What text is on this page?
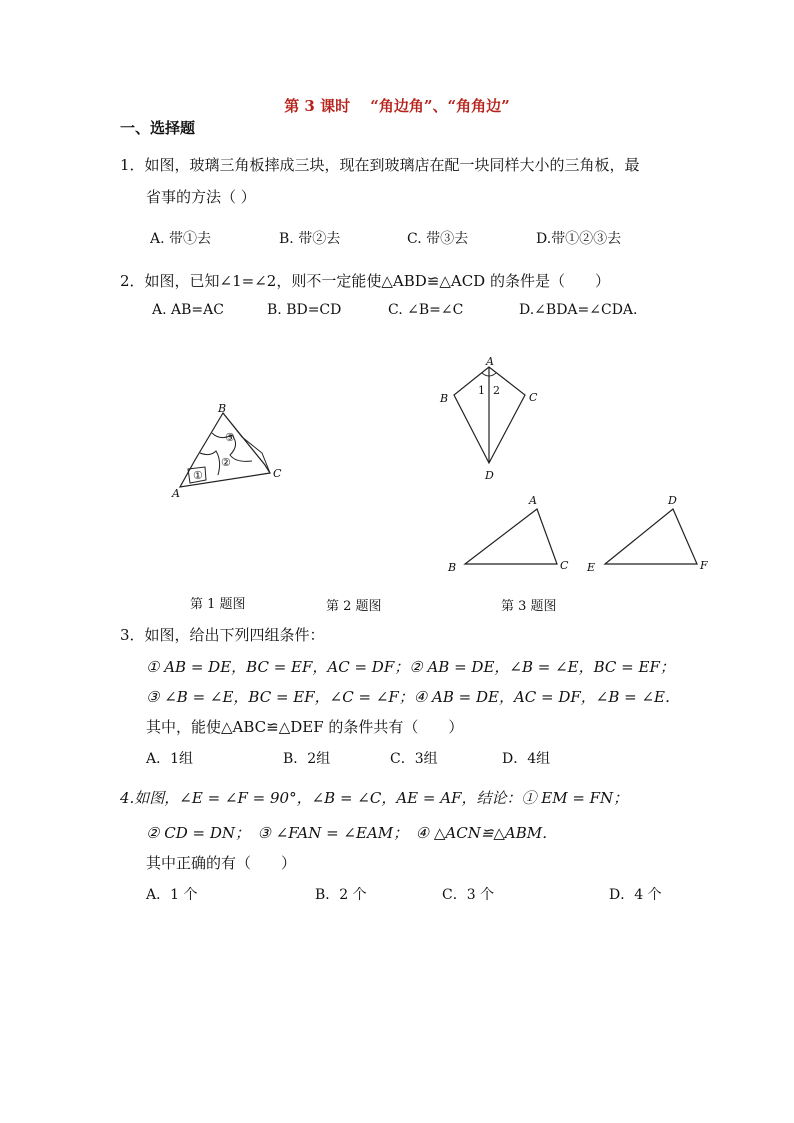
第 3 课时　 “角边角”、“角角边”
一、选择题
1．如图，玻璃三角板摔成三块，现在到玻璃店在配一块同样大小的三角板，最
省事的方法（ ）
A. 带①去	B. 带②去	C. 带③去	D.带①②③去
2．如图，已知∠1=∠2，则不一定能使△ABD≌△ACD 的条件是（　　）
A. AB=AC	B. BD=CD	C. ∠B=∠C	D.∠BDA=∠CDA.
①
②
③
B
C
A
A
B	C
D
1 2
A
B	C
D
E	F
第 1 题图	第 2 题图	第 3 题图
3．如图，给出下列四组条件：
① AB = DE，BC = EF，AC = DF；② AB = DE，∠B = ∠E，BC = EF；
③ ∠B = ∠E，BC = EF，∠C = ∠F；④ AB = DE，AC = DF，∠B = ∠E．
其中，能使△ABC≌△DEF 的条件共有（　　）
A．1组	B．2组	C．3组	D．4组
4.如图，∠E = ∠F = 90°，∠B = ∠C，AE = AF，结论：① EM = FN；
② CD = DN；　③ ∠FAN = ∠EAM；　④ △ACN≌△ABM．
其中正确的有（　　）
A．1 个	B．2 个	C．3 个	D．4 个
